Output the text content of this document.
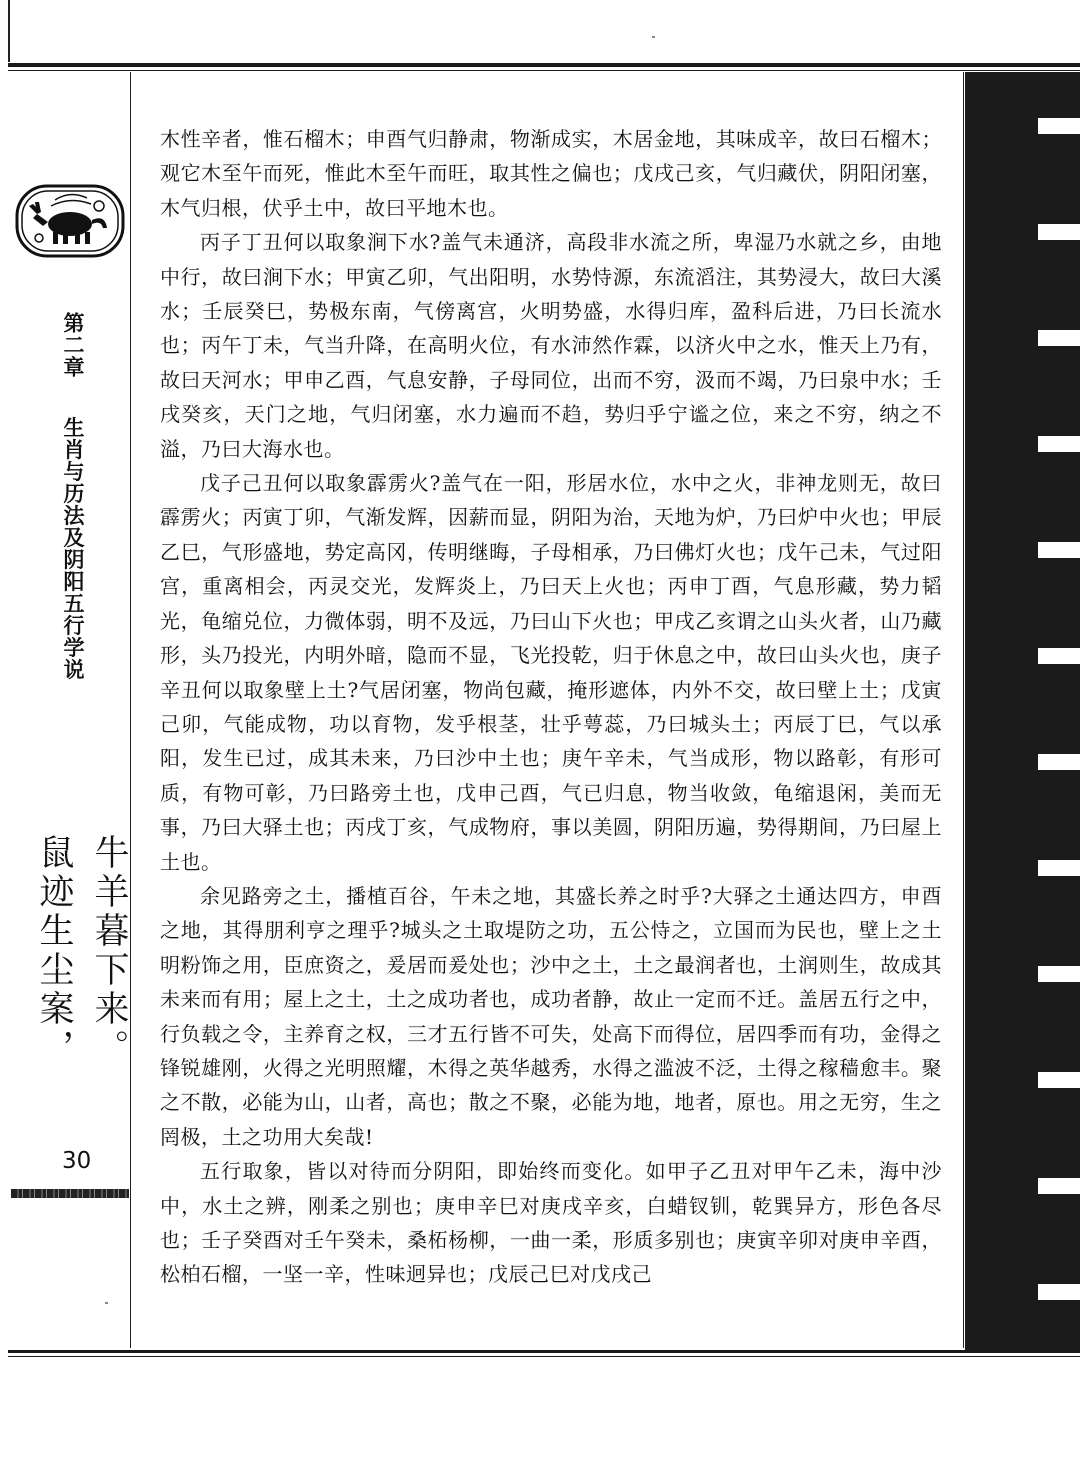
第二章 　 生肖与历法及阴阳五行学说
牛羊暮下来。
鼠迹生尘案，
30

木性辛者，惟石榴木；申酉气归静肃，物渐成实，木居金地，其味成辛，故曰石榴木；观它木至午而死，惟此木至午而旺，取其性之偏也；戊戌己亥，气归藏伏，阴阳闭塞，木气归根，伏乎土中，故曰平地木也。

丙子丁丑何以取象涧下水?盖气未通济，高段非水流之所，卑湿乃水就之乡，由地中行，故曰涧下水；甲寅乙卯，气出阳明，水势恃源，东流滔注，其势浸大，故曰大溪水；壬辰癸巳，势极东南，气傍离宫，火明势盛，水得归库，盈科后进，乃曰长流水也；丙午丁未，气当升降，在高明火位，有水沛然作霖，以济火中之水，惟天上乃有，故曰天河水；甲申乙酉，气息安静，子母同位，出而不穷，汲而不竭，乃曰泉中水；壬戌癸亥，天门之地，气归闭塞，水力遍而不趋，势归乎宁谧之位，来之不穷，纳之不溢，乃曰大海水也。

戊子己丑何以取象霹雳火?盖气在一阳，形居水位，水中之火，非神龙则无，故曰霹雳火；丙寅丁卯，气渐发辉，因薪而显，阴阳为治，天地为炉，乃曰炉中火也；甲辰乙巳，气形盛地，势定高冈，传明继晦，子母相承，乃曰佛灯火也；戊午己未，气过阳宫，重离相会，丙灵交光，发辉炎上，乃曰天上火也；丙申丁酉，气息形藏，势力韬光，龟缩兑位，力微体弱，明不及远，乃曰山下火也；甲戌乙亥谓之山头火者，山乃藏形，头乃投光，内明外暗，隐而不显，飞光投乾，归于休息之中，故曰山头火也，庚子辛丑何以取象壁上土?气居闭塞，物尚包藏，掩形遮体，内外不交，故曰壁上土；戊寅己卯，气能成物，功以育物，发乎根茎，壮乎萼蕊，乃曰城头土；丙辰丁巳，气以承阳，发生已过，成其未来，乃曰沙中土也；庚午辛未，气当成形，物以路彰，有形可质，有物可彰，乃曰路旁土也，戊申己酉，气已归息，物当收敛，龟缩退闲，美而无事，乃曰大驿土也；丙戌丁亥，气成物府，事以美圆，阴阳历遍，势得期间，乃曰屋上土也。

余见路旁之土，播植百谷，午未之地，其盛长养之时乎?大驿之土通达四方，申酉之地，其得朋利亨之理乎?城头之土取堤防之功，五公恃之，立国而为民也，壁上之土明粉饰之用，臣庶资之，爰居而爰处也；沙中之土，土之最润者也，土润则生，故成其未来而有用；屋上之土，土之成功者也，成功者静，故止一定而不迁。盖居五行之中，行负载之令，主养育之权，三才五行皆不可失，处高下而得位，居四季而有功，金得之锋锐雄刚，火得之光明照耀，木得之英华越秀，水得之滥波不泛，土得之稼穑愈丰。聚之不散，必能为山，山者，高也；散之不聚，必能为地，地者，原也。用之无穷，生之罔极，土之功用大矣哉!

五行取象，皆以对待而分阴阳，即始终而变化。如甲子乙丑对甲午乙未，海中沙中，水土之辨，刚柔之别也；庚申辛巳对庚戌辛亥，白蜡钗钏，乾巽异方，形色各尽也；壬子癸酉对壬午癸未，桑柘杨柳，一曲一柔，形质多别也；庚寅辛卯对庚申辛酉，松柏石榴，一坚一辛，性味迥异也；戊辰己巳对戊戌己
